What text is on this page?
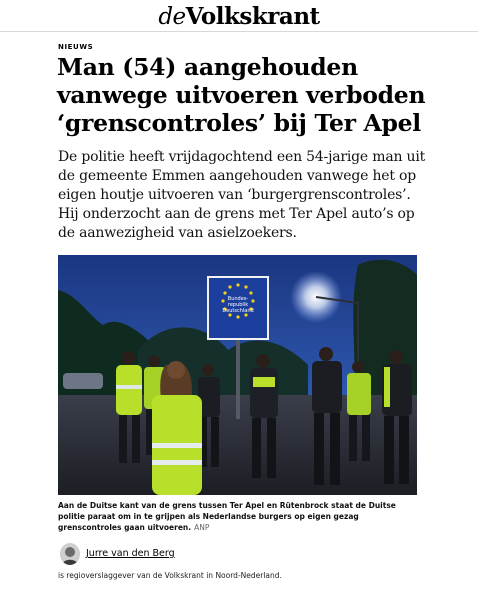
deVolkskrant
NIEUWS
Man (54) aangehouden vanwege uitvoeren verboden ‘grenscontroles’ bij Ter Apel

De politie heeft vrijdagochtend een 54-jarige man uit de gemeente Emmen aangehouden vanwege het op eigen houtje uitvoeren van ‘burgergrenscontroles’. Hij onderzocht aan de grens met Ter Apel auto’s op de aanwezigheid van asielzoekers.

Bundes-
republik
Deutschland

Aan de Duitse kant van de grens tussen Ter Apel en Rütenbrock staat de Duitse politie paraat om in te grijpen als Nederlandse burgers op eigen gezag grenscontroles gaan uitvoeren. ANP

Jurre van den Berg

is regioverslaggever van de Volkskrant in Noord-Nederland.
